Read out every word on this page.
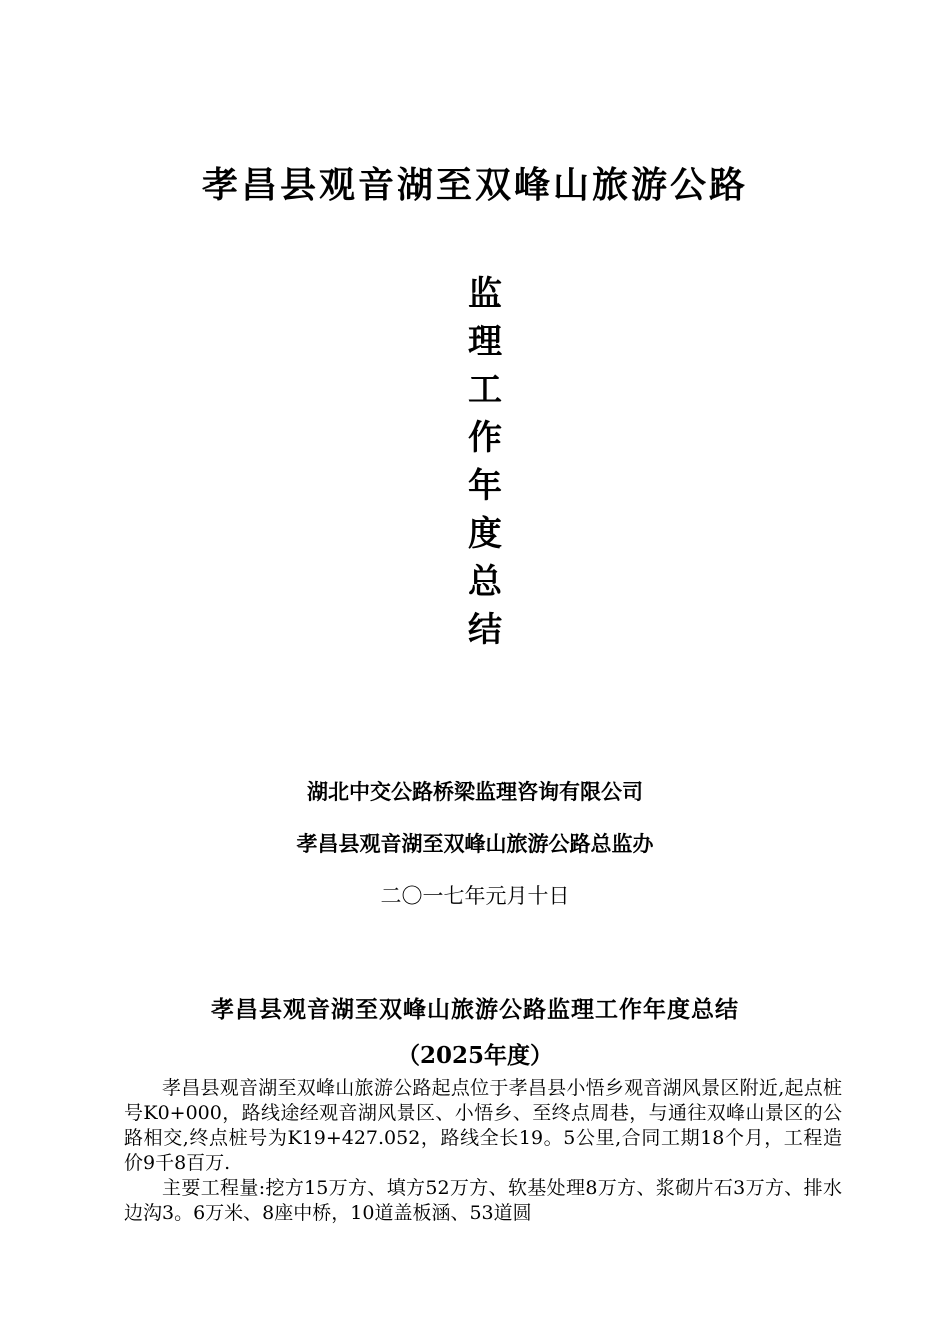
孝昌县观音湖至双峰山旅游公路
监
理
工
作
年
度
总
结
湖北中交公路桥梁监理咨询有限公司
孝昌县观音湖至双峰山旅游公路总监办
二〇一七年元月十日
孝昌县观音湖至双峰山旅游公路监理工作年度总结
（2025年度）

孝昌县观音湖至双峰山旅游公路起点位于孝昌县小悟乡观音湖风景区附近,起点桩号K0+000，路线途经观音湖风景区、小悟乡、至终点周巷，与通往双峰山景区的公路相交,终点桩号为K19+427.052，路线全长19。5公里,合同工期18个月，工程造价9千8百万.

主要工程量:挖方15万方、填方52万方、软基处理8万方、浆砌片石3万方、排水边沟3。6万米、8座中桥，10道盖板涵、53道圆
